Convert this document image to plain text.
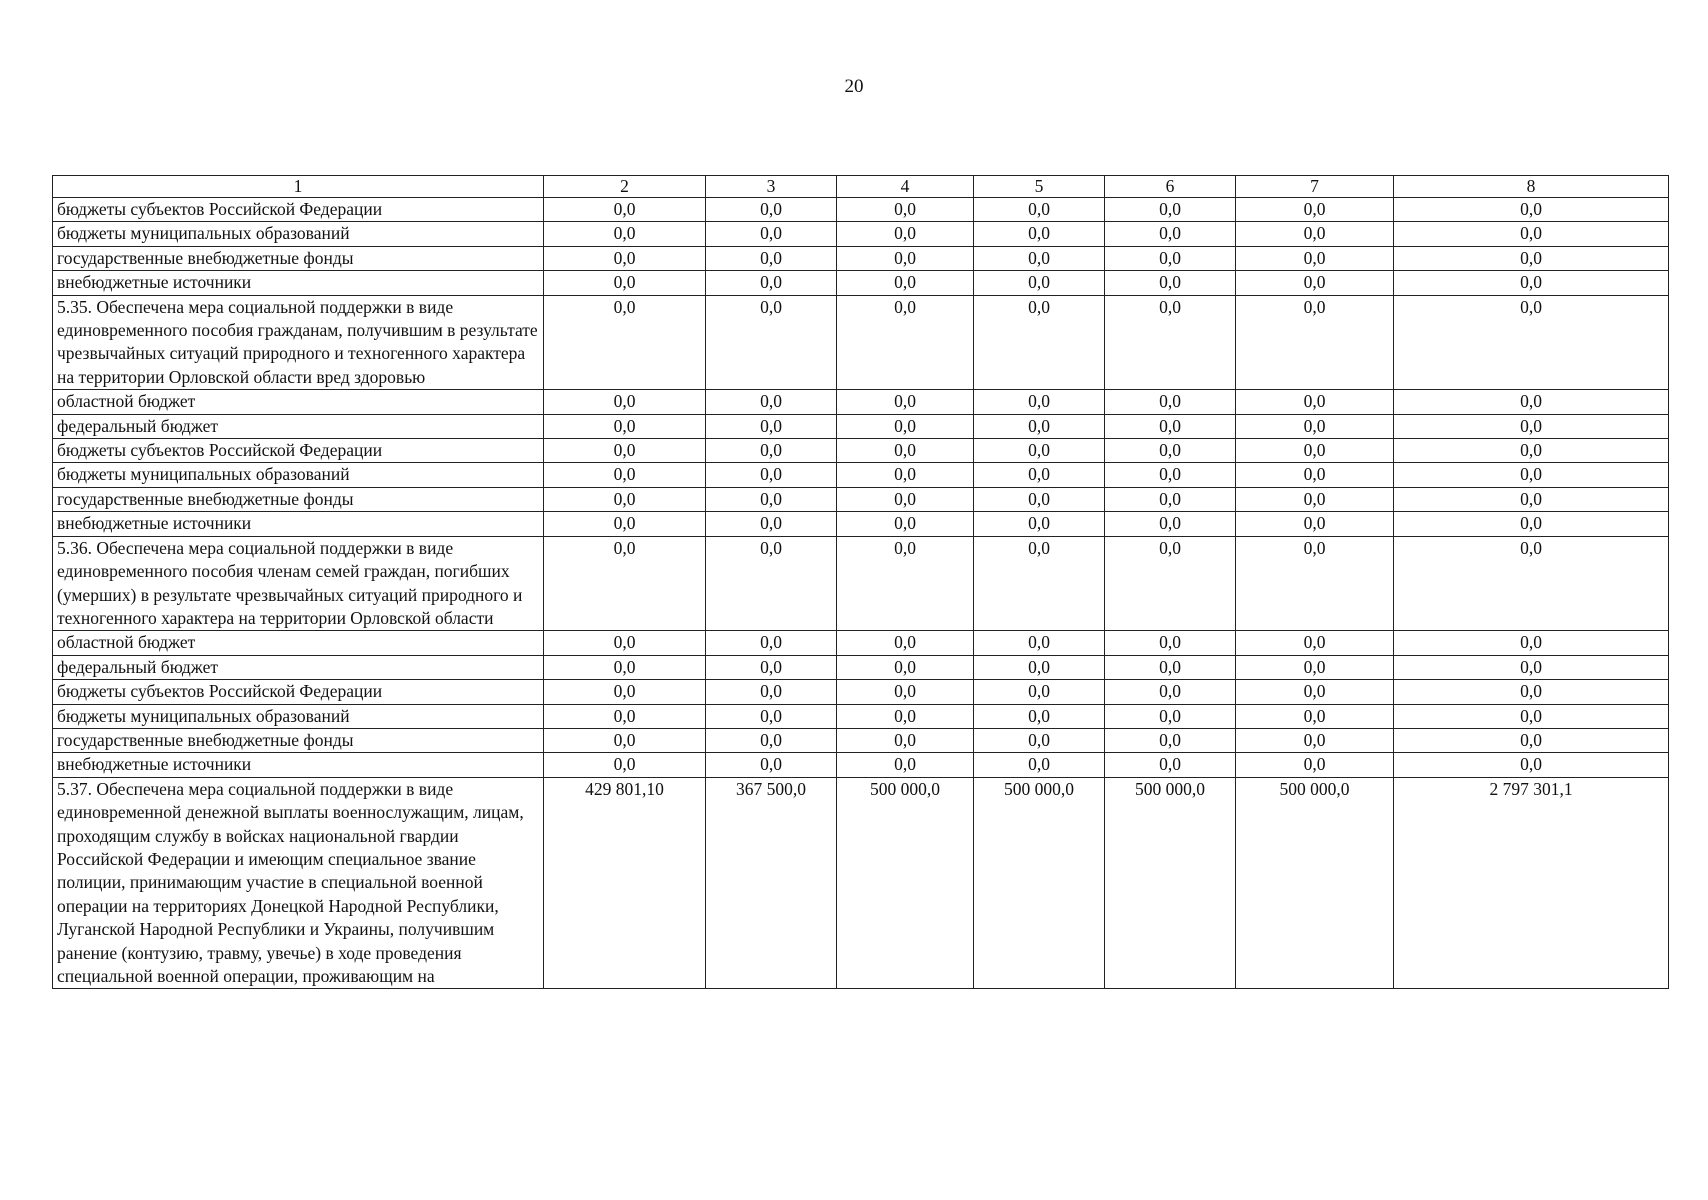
20
1	2	3	4	5	6	7	8
бюджеты субъектов Российской Федерации	0,0	0,0	0,0	0,0	0,0	0,0	0,0
бюджеты муниципальных образований	0,0	0,0	0,0	0,0	0,0	0,0	0,0
государственные внебюджетные фонды	0,0	0,0	0,0	0,0	0,0	0,0	0,0
внебюджетные источники	0,0	0,0	0,0	0,0	0,0	0,0	0,0
5.35. Обеспечена мера социальной поддержки в виде единовременного пособия гражданам, получившим в результате чрезвычайных ситуаций природного и техногенного характера на территории Орловской области вред здоровью	0,0	0,0	0,0	0,0	0,0	0,0	0,0
областной бюджет	0,0	0,0	0,0	0,0	0,0	0,0	0,0
федеральный бюджет	0,0	0,0	0,0	0,0	0,0	0,0	0,0
бюджеты субъектов Российской Федерации	0,0	0,0	0,0	0,0	0,0	0,0	0,0
бюджеты муниципальных образований	0,0	0,0	0,0	0,0	0,0	0,0	0,0
государственные внебюджетные фонды	0,0	0,0	0,0	0,0	0,0	0,0	0,0
внебюджетные источники	0,0	0,0	0,0	0,0	0,0	0,0	0,0
5.36. Обеспечена мера социальной поддержки в виде единовременного пособия членам семей граждан, погибших (умерших) в результате чрезвычайных ситуаций природного и техногенного характера на территории Орловской области	0,0	0,0	0,0	0,0	0,0	0,0	0,0
областной бюджет	0,0	0,0	0,0	0,0	0,0	0,0	0,0
федеральный бюджет	0,0	0,0	0,0	0,0	0,0	0,0	0,0
бюджеты субъектов Российской Федерации	0,0	0,0	0,0	0,0	0,0	0,0	0,0
бюджеты муниципальных образований	0,0	0,0	0,0	0,0	0,0	0,0	0,0
государственные внебюджетные фонды	0,0	0,0	0,0	0,0	0,0	0,0	0,0
внебюджетные источники	0,0	0,0	0,0	0,0	0,0	0,0	0,0
5.37. Обеспечена мера социальной поддержки в виде единовременной денежной выплаты военнослужащим, лицам, проходящим службу в войсках национальной гвардии Российской Федерации и имеющим специальное звание полиции, принимающим участие в специальной военной операции на территориях Донецкой Народной Республики, Луганской Народной Республики и Украины, получившим ранение (контузию, травму, увечье) в ходе проведения специальной военной операции, проживающим на	429 801,10	367 500,0	500 000,0	500 000,0	500 000,0	500 000,0	2 797 301,1
